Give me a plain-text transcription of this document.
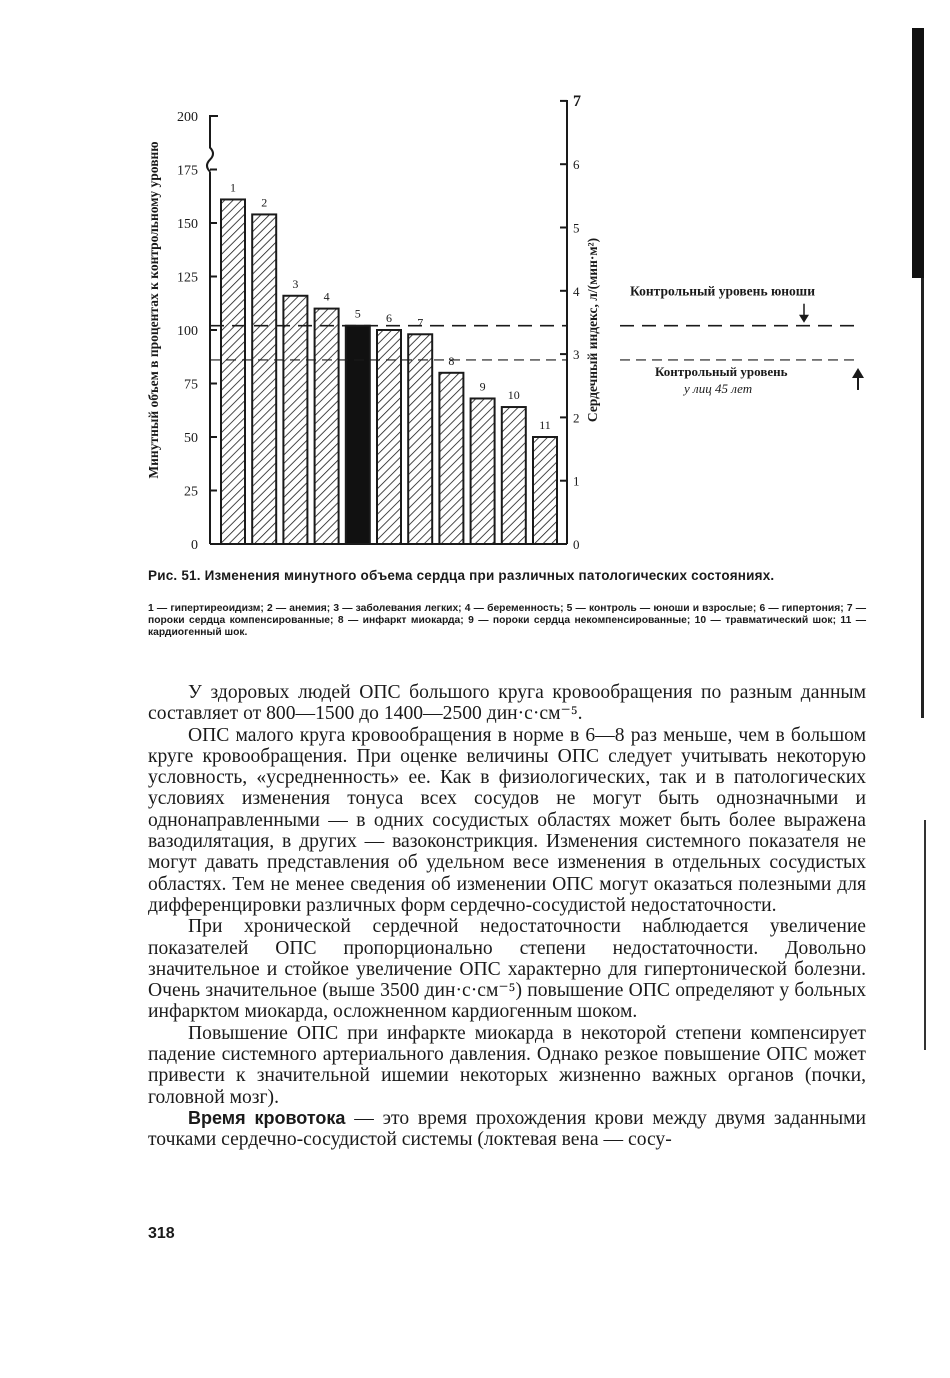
0
25
50
75
100
125
150
175
200
0
1
2
3
4
5
6
7
Минутный объем в процентах к контрольному уровню	Сердечный индекс, л/(мин·м²)
1
2
3
4
5 6 7
8
9
10
11
Контрольный уровень юноши
Контрольный уровень
у лиц 45 лет
Рис. 51. Изменения минутного объема сердца при различных патологических состояниях.
1 — гипертиреоидизм; 2 — анемия; 3 — заболевания легких; 4 — беременность; 5 — контроль — юноши и взрослые; 6 — гипертония; 7 — пороки сердца компенсированные; 8 — инфаркт миокарда; 9 — пороки сердца некомпенсированные; 10 — травматический шок; 11 — кардиогенный шок.

У здоровых людей ОПС большого круга кровообращения по разным данным составляет от 800—1500 до 1400—2500 дин·с·см⁻⁵.

ОПС малого круга кровообращения в норме в 6—8 раз меньше, чем в большом круге кровообращения. При оценке величины ОПС следует учитывать некоторую условность, «усредненность» ее. Как в физиологических, так и в патологических условиях изменения тонуса всех сосудов не могут быть однозначными и однонаправленными — в одних сосудистых областях может быть более выражена вазодилятация, в других — вазоконстрикция. Изменения системного показателя не могут давать представления об удельном весе изменения в отдельных сосудистых областях. Тем не менее сведения об изменении ОПС могут оказаться полезными для дифференцировки различных форм сердечно-сосудистой недостаточности.

При хронической сердечной недостаточности наблюдается увеличение показателей ОПС пропорционально степени недостаточности. Довольно значительное и стойкое увеличение ОПС характерно для гипертонической болезни. Очень значительное (выше 3500 дин·с·см⁻⁵) повышение ОПС определяют у больных инфарктом миокарда, осложненном кардиогенным шоком.

Повышение ОПС при инфаркте миокарда в некоторой степени компенсирует падение системного артериального давления. Однако резкое повышение ОПС может привести к значительной ишемии некоторых жизненно важных органов (почки, головной мозг).

Время кровотока — это время прохождения крови между двумя заданными точками сердечно-сосудистой системы (локтевая вена — сосу-

318
